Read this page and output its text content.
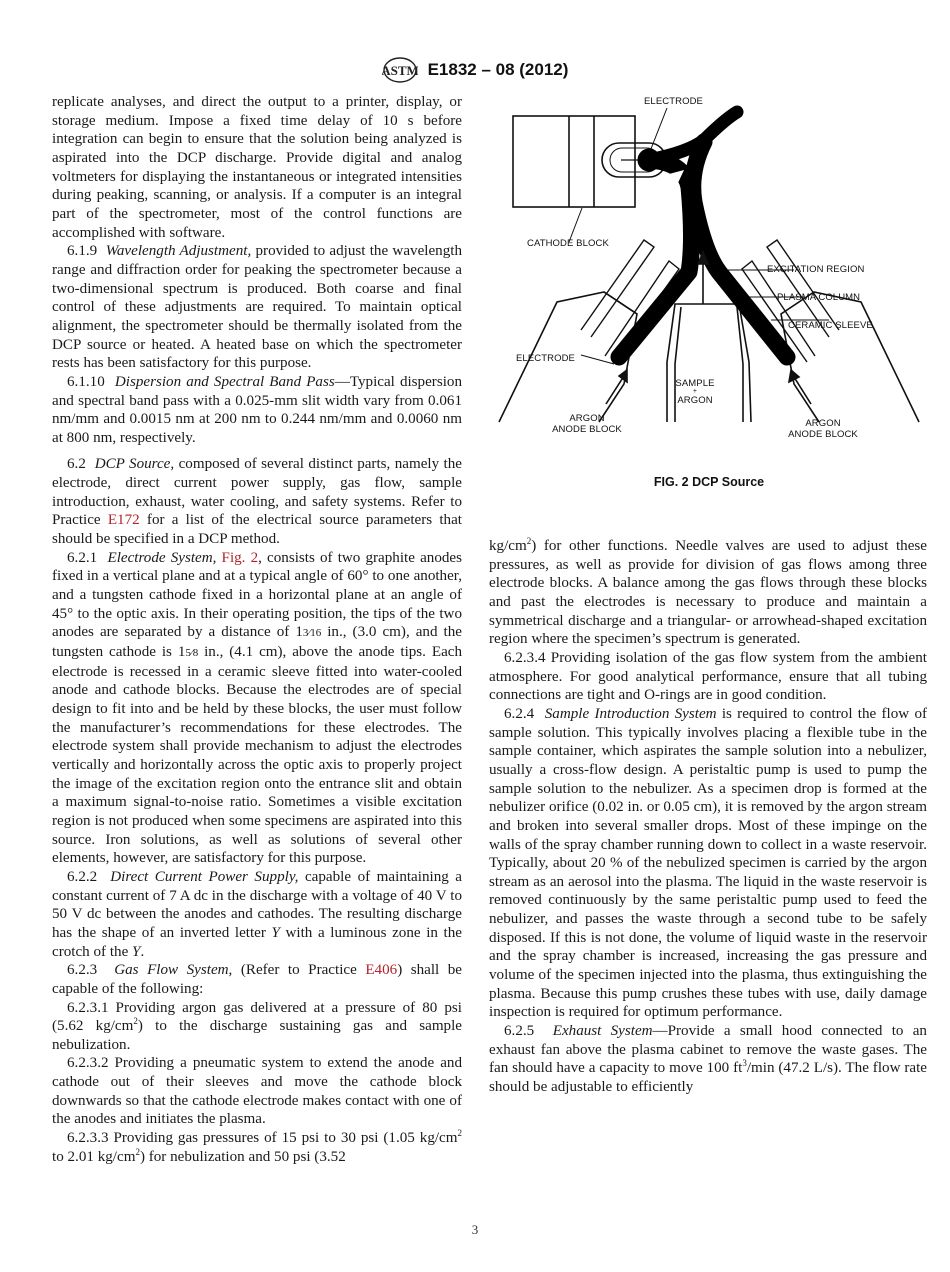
ASTM E1832 – 08 (2012)

replicate analyses, and direct the output to a printer, display, or storage medium. Impose a fixed time delay of 10 s before integration can begin to ensure that the solution being analyzed is aspirated into the DCP discharge. Provide digital and analog voltmeters for displaying the instantaneous or integrated intensities during peaking, scanning, or analysis. If a computer is an integral part of the spectrometer, most of the control functions are accomplished with software.

6.1.9 Wavelength Adjustment, provided to adjust the wavelength range and diffraction order for peaking the spectrometer because a two-dimensional spectrum is produced. Both coarse and final control of these adjustments are required. To maintain optical alignment, the spectrometer should be thermally isolated from the DCP source or heated. A heated base on which the spectrometer rests has been satisfactory for this purpose.

6.1.10 Dispersion and Spectral Band Pass—Typical dispersion and spectral band pass with a 0.025-mm slit width vary from 0.061 nm/mm and 0.0015 nm at 200 nm to 0.244 nm/mm and 0.0060 nm at 800 nm, respectively.

6.2 DCP Source, composed of several distinct parts, namely the electrode, direct current power supply, gas flow, sample introduction, exhaust, water cooling, and safety systems. Refer to Practice E172 for a list of the electrical source parameters that should be specified in a DCP method.

6.2.1 Electrode System, Fig. 2, consists of two graphite anodes fixed in a vertical plane and at a typical angle of 60° to one another, and a tungsten cathode fixed in a horizontal plane at an angle of 45° to the optic axis. In their operating position, the tips of the two anodes are separated by a distance of 13⁄16 in., (3.0 cm), and the tungsten cathode is 15⁄8 in., (4.1 cm), above the anode tips. Each electrode is recessed in a ceramic sleeve fitted into water-cooled anode and cathode blocks. Because the electrodes are of special design to fit into and be held by these blocks, the user must follow the manufacturer’s recommendations for these electrodes. The electrode system shall provide mechanism to adjust the electrodes vertically and horizontally across the optic axis to properly project the image of the excitation region onto the entrance slit and obtain a maximum signal-to-noise ratio. Sometimes a visible excitation region is not produced when some specimens are aspirated into this source. Iron solutions, as well as solutions of several other elements, however, are satisfactory for this purpose.

6.2.2 Direct Current Power Supply, capable of maintaining a constant current of 7 A dc in the discharge with a voltage of 40 V to 50 V dc between the anodes and cathodes. The resulting discharge has the shape of an inverted letter Y with a luminous zone in the crotch of the Y.

6.2.3 Gas Flow System, (Refer to Practice E406) shall be capable of the following:

6.2.3.1 Providing argon gas delivered at a pressure of 80 psi (5.62 $kg/cm^2$) to the discharge sustaining gas and sample nebulization.

6.2.3.2 Providing a pneumatic system to extend the anode and cathode out of their sleeves and move the cathode block downwards so that the cathode electrode makes contact with one of the anodes and initiates the plasma.

6.2.3.3 Providing gas pressures of 15 psi to 30 psi (1.05 $kg/cm^2$ to 2.01 $kg/cm^2$) for nebulization and 50 psi (3.52

ELECTRODE
CATHODE BLOCK
EXCITATION REGION
PLASMA COLUMN
CERAMIC SLEEVE
ELECTRODE
SAMPLE
+
ARGON
ARGON
ANODE BLOCK
ARGON
ANODE BLOCK
FIG. 2 DCP Source

$kg/cm^2$) for other functions. Needle valves are used to adjust these pressures, as well as provide for division of gas flows among three electrode blocks. A balance among the gas flows through these blocks and past the electrodes is necessary to produce and maintain a symmetrical discharge and a triangular- or arrowhead-shaped excitation region where the specimen’s spectrum is generated.

6.2.3.4 Providing isolation of the gas flow system from the ambient atmosphere. For good analytical performance, ensure that all tubing connections are tight and O-rings are in good condition.

6.2.4 Sample Introduction System is required to control the flow of sample solution. This typically involves placing a flexible tube in the sample container, which aspirates the sample solution into a nebulizer, usually a cross-flow design. A peristaltic pump is used to pump the sample solution to the nebulizer. As a specimen drop is formed at the nebulizer orifice (0.02 in. or 0.05 cm), it is removed by the argon stream and broken into several smaller drops. Most of these impinge on the walls of the spray chamber running down to collect in a waste reservoir. Typically, about 20 % of the nebulized specimen is carried by the argon stream as an aerosol into the plasma. The liquid in the waste reservoir is removed continuously by the same peristaltic pump used to feed the nebulizer, and passes the waste through a second tube to be safely disposed. If this is not done, the volume of liquid waste in the reservoir and the spray chamber is increased, increasing the gas pressure and volume of the specimen injected into the plasma, thus extinguishing the plasma. Because this pump crushes these tubes with use, daily damage inspection is required for optimum performance.

6.2.5 Exhaust System—Provide a small hood connected to an exhaust fan above the plasma cabinet to remove the waste gases. The fan should have a capacity to move 100 $ft^3/\min$ (47.2 L/s). The flow rate should be adjustable to efficiently

3
